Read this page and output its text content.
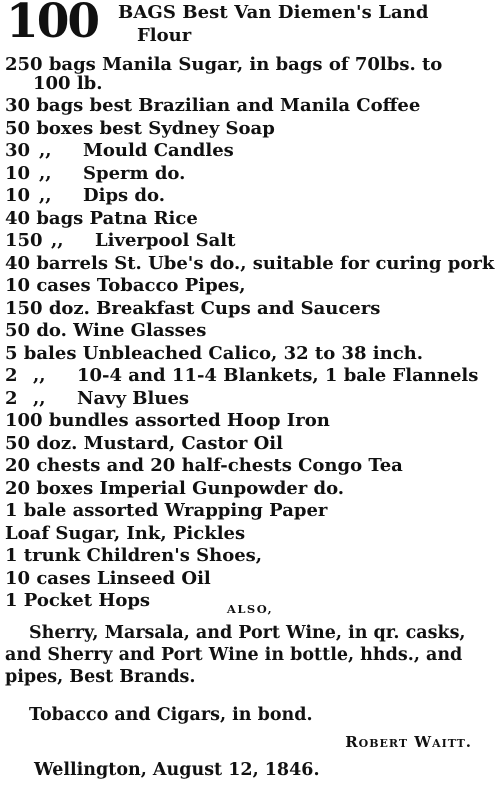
100 BAGS Best Van Diemen's Land
Flour
250 bags Manila Sugar, in bags of 70lbs. to
100 lb.
30 bags best Brazilian and Manila Coffee
50 boxes best Sydney Soap
30 ,, Mould Candles
10 ,, Sperm do.
10 ,, Dips do.
40 bags Patna Rice
150 ,, Liverpool Salt
40 barrels St. Ube's do., suitable for curing pork
10 cases Tobacco Pipes,
150 doz. Breakfast Cups and Saucers
50 do. Wine Glasses
5 bales Unbleached Calico, 32 to 38 inch.
2 ,, 10-4 and 11-4 Blankets, 1 bale Flannels
2 ,, Navy Blues
100 bundles assorted Hoop Iron
50 doz. Mustard, Castor Oil
20 chests and 20 half-chests Congo Tea
20 boxes Imperial Gunpowder do.
1 bale assorted Wrapping Paper
Loaf Sugar, Ink, Pickles
1 trunk Children's Shoes,
10 cases Linseed Oil
1 Pocket Hops	ALSO,
Sherry, Marsala, and Port Wine, in qr. casks,
and Sherry and Port Wine in bottle, hhds., and
pipes, Best Brands.
Tobacco and Cigars, in bond.
Robert Waitt.
Wellington, August 12, 1846.
